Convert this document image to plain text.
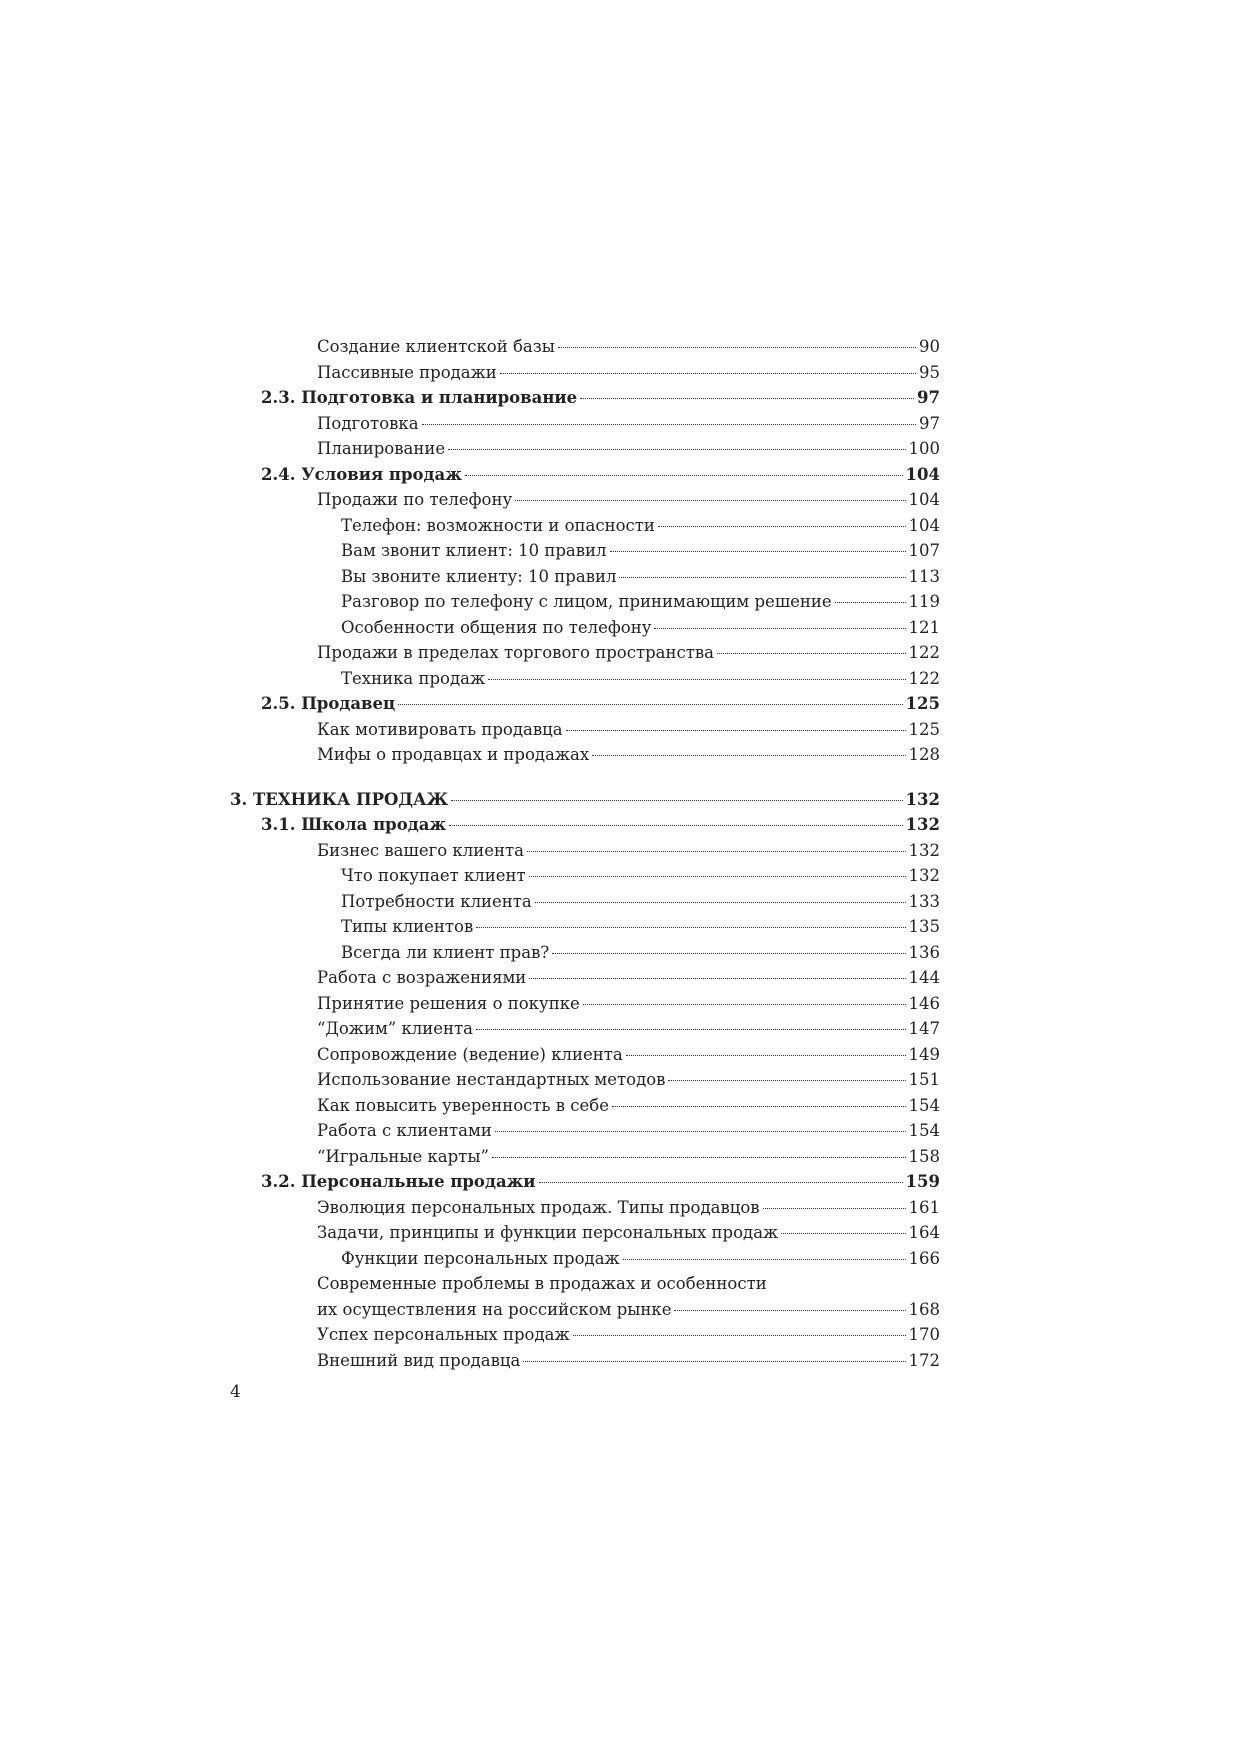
Создание клиентской базы	90
Пассивные продажи	95
2.3. Подготовка и планирование	97
Подготовка	97
Планирование	100
2.4. Условия продаж	104
Продажи по телефону	104
Телефон: возможности и опасности	104
Вам звонит клиент: 10 правил	107
Вы звоните клиенту: 10 правил	113
Разговор по телефону с лицом, принимающим решение	119
Особенности общения по телефону	121
Продажи в пределах торгового пространства	122
Техника продаж	122
2.5. Продавец	125
Как мотивировать продавца	125
Мифы о продавцах и продажах	128
3. ТЕХНИКА ПРОДАЖ	132
3.1. Школа продаж	132
Бизнес вашего клиента	132
Что покупает клиент	132
Потребности клиента	133
Типы клиентов	135
Всегда ли клиент прав?	136
Работа с возражениями	144
Принятие решения о покупке	146
“Дожим” клиента	147
Сопровождение (ведение) клиента	149
Использование нестандартных методов	151
Как повысить уверенность в себе	154
Работа с клиентами	154
“Игральные карты”	158
3.2. Персональные продажи	159
Эволюция персональных продаж. Типы продавцов	161
Задачи, принципы и функции персональных продаж	164
Функции персональных продаж	166
Современные проблемы в продажах и особенности
их осуществления на российском рынке	168
Успех персональных продаж	170
Внешний вид продавца	172
4
